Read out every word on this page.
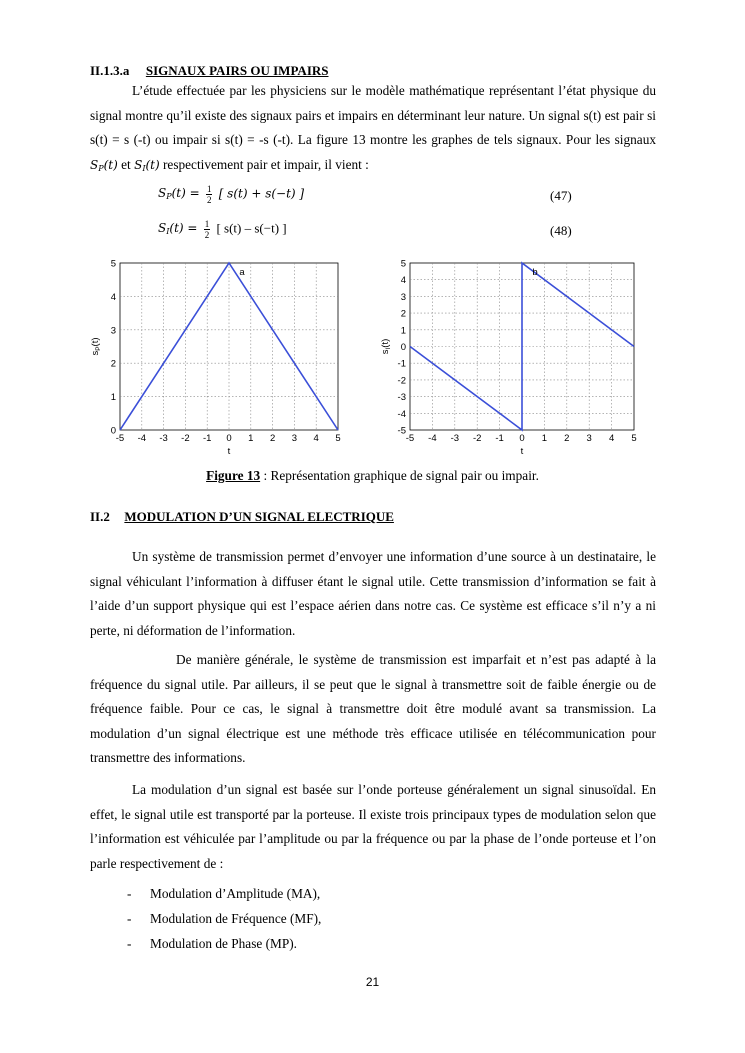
II.1.3.a SIGNAUX PAIRS OU IMPAIRS

L’étude effectuée par les physiciens sur le modèle mathématique représentant l’état physique du signal montre qu’il existe des signaux pairs et impairs en déterminant leur nature. Un signal s(t) est pair si s(t) = s (-t) ou impair si s(t) = -s (-t). La figure 13 montre les graphes de tels signaux. Pour les signaux $S_P(t)$ et $S_I(t)$ respectivement pair et impair, il vient :

$S_P(t) = \frac{1}{2}$ [ s(t) + s(−t) ]	(47)
$S_I(t) = \frac{1}{2}$ [ s(t) – s(−t) ]	(48)
-5 -4 -3 -2 -1 0 1 2 3 4 5
0
1
2
3
4
5
a
t
$s_P(t)$
-5 -4 -3 -2 -1 0 1 2 3 4 5
-5
-4
-3
-2
-1
0
1
2
3
4
5
b
t
$s_I(t)$
Figure 13 : Représentation graphique de signal pair ou impair.
II.2 MODULATION D’UN SIGNAL ELECTRIQUE

Un système de transmission permet d’envoyer une information d’une source à un destinataire, le signal véhiculant l’information à diffuser étant le signal utile. Cette transmission d’information se fait à l’aide d’un support physique qui est l’espace aérien dans notre cas. Ce système est efficace s’il n’y a ni perte, ni déformation de l’information.

De manière générale, le système de transmission est imparfait et n’est pas adapté à la fréquence du signal utile. Par ailleurs, il se peut que le signal à transmettre soit de faible énergie ou de fréquence faible. Pour ce cas, le signal à transmettre doit être modulé avant sa transmission. La modulation d’un signal électrique est une méthode très efficace utilisée en télécommunication pour transmettre des informations.

La modulation d’un signal est basée sur l’onde porteuse généralement un signal sinusoïdal. En effet, le signal utile est transporté par la porteuse. Il existe trois principaux types de modulation selon que l’information est véhiculée par l’amplitude ou par la fréquence ou par la phase de l’onde porteuse et l’on parle respectivement de :

- Modulation d’Amplitude (MA),
- Modulation de Fréquence (MF),
- Modulation de Phase (MP).
21
